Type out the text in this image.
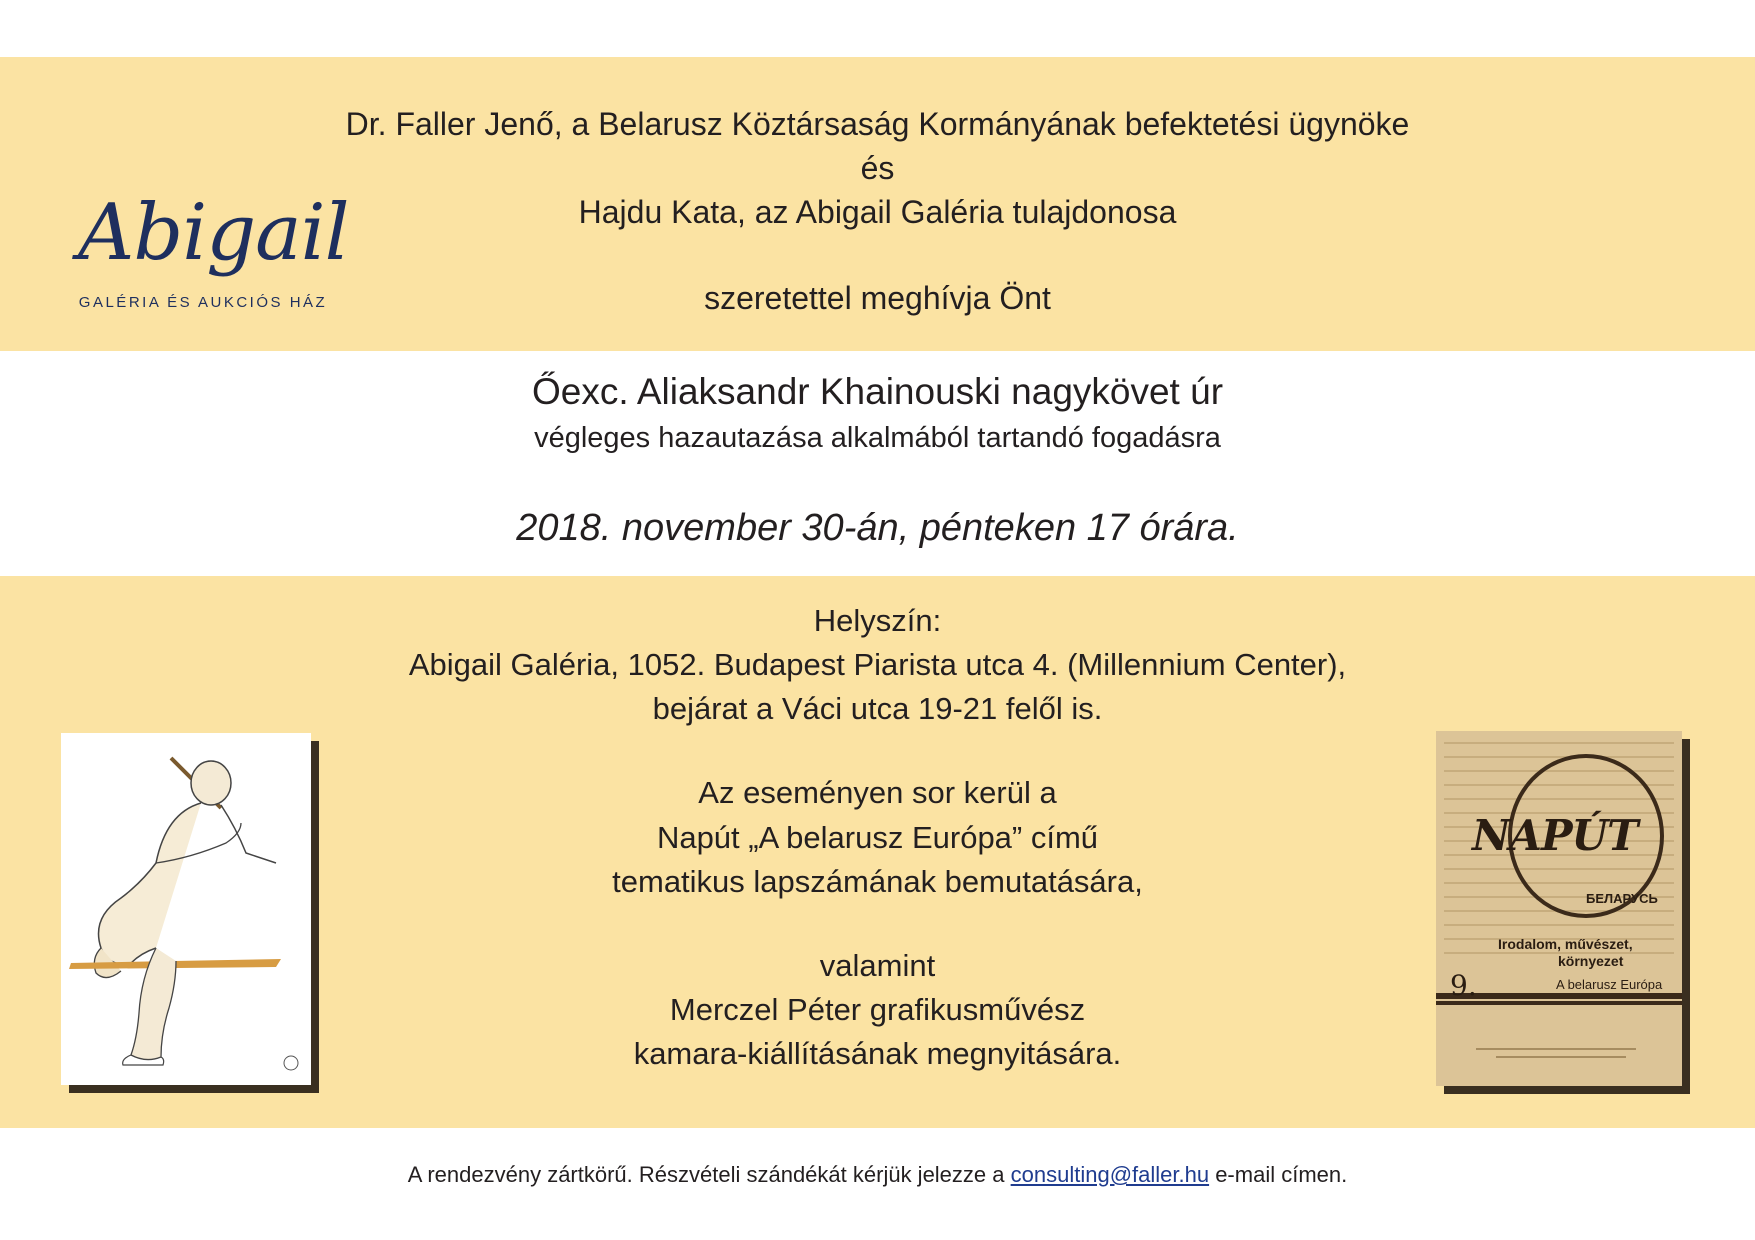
Abigail
GALÉRIA ÉS AUKCIÓS HÁZ
Dr. Faller Jenő, a Belarusz Köztársaság Kormányának befektetési ügynöke
és
Hajdu Kata, az Abigail Galéria tulajdonosa
szeretettel meghívja Önt
Őexc. Aliaksandr Khainouski nagykövet úr
végleges hazautazása alkalmából tartandó fogadásra
2018. november 30-án, pénteken 17 órára.
Helyszín:
Abigail Galéria, 1052. Budapest Piarista utca 4. (Millennium Center),
bejárat a Váci utca 19-21 felől is.
Az eseményen sor kerül a
Napút „A belarusz Európa” című
tematikus lapszámának bemutatására,
valamint
Merczel Péter grafikusművész
kamara-kiállításának megnyitására.
NAPÚT
БЕЛАРУСЬ
Irodalom, művészet,
környezet
9.	A belarusz Európa
A rendezvény zártkörű. Részvételi szándékát kérjük jelezze a consulting@faller.hu e-mail címen.
